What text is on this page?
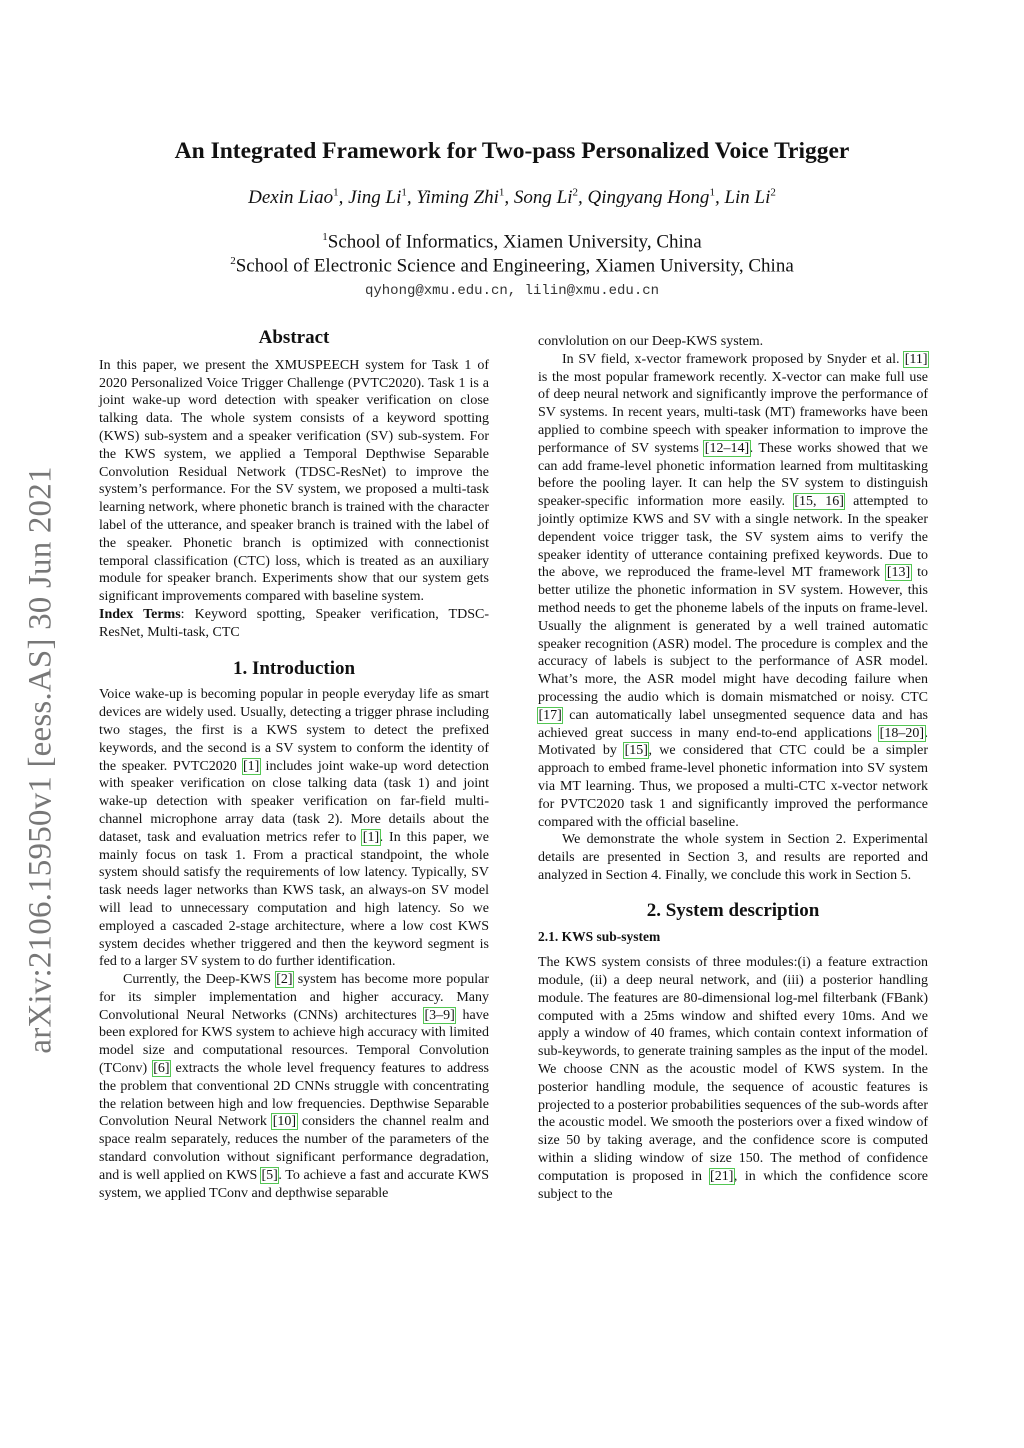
arXiv:2106.15950v1 [eess.AS] 30 Jun 2021
An Integrated Framework for Two-pass Personalized Voice Trigger
Dexin Liao$^1$, Jing Li$^1$, Yiming Zhi$^1$, Song Li$^2$, Qingyang Hong$^1$, Lin Li$^2$
$^1$School of Informatics, Xiamen University, China
$^2$School of Electronic Science and Engineering, Xiamen University, China
qyhong@xmu.edu.cn, lilin@xmu.edu.cn
Abstract

In this paper, we present the XMUSPEECH system for Task 1 of 2020 Personalized Voice Trigger Challenge (PVTC2020). Task 1 is a joint wake-up word detection with speaker verification on close talking data. The whole system consists of a keyword spotting (KWS) sub-system and a speaker verification (SV) sub-system. For the KWS system, we applied a Temporal Depthwise Separable Convolution Residual Network (TDSC-ResNet) to improve the system’s performance. For the SV system, we proposed a multi-task learning network, where phonetic branch is trained with the character label of the utterance, and speaker branch is trained with the label of the speaker. Phonetic branch is optimized with connectionist temporal classification (CTC) loss, which is treated as an auxiliary module for speaker branch. Experiments show that our system gets significant improvements compared with baseline system.

Index Terms: Keyword spotting, Speaker verification, TDSC-ResNet, Multi-task, CTC

1. Introduction

Voice wake-up is becoming popular in people everyday life as smart devices are widely used. Usually, detecting a trigger phrase including two stages, the first is a KWS system to detect the prefixed keywords, and the second is a SV system to conform the identity of the speaker. PVTC2020 [1] includes joint wake-up word detection with speaker verification on close talking data (task 1) and joint wake-up detection with speaker verification on far-field multi-channel microphone array data (task 2). More details about the dataset, task and evaluation metrics refer to [1]. In this paper, we mainly focus on task 1. From a practical standpoint, the whole system should satisfy the requirements of low latency. Typically, SV task needs lager networks than KWS task, an always-on SV model will lead to unnecessary computation and high latency. So we employed a cascaded 2-stage architecture, where a low cost KWS system decides whether triggered and then the keyword segment is fed to a larger SV system to do further identification.

Currently, the Deep-KWS [2] system has become more popular for its simpler implementation and higher accuracy. Many Convolutional Neural Networks (CNNs) architectures [3–9] have been explored for KWS system to achieve high accuracy with limited model size and computational resources. Temporal Convolution (TConv) [6] extracts the whole level frequency features to address the problem that conventional 2D CNNs struggle with concentrating the relation between high and low frequencies. Depthwise Separable Convolution Neural Network [10] considers the channel realm and space realm separately, reduces the number of the parameters of the standard convolution without significant performance degradation, and is well applied on KWS [5]. To achieve a fast and accurate KWS system, we applied TConv and depthwise separable

convlolution on our Deep-KWS system.

In SV field, x-vector framework proposed by Snyder et al. [11] is the most popular framework recently. X-vector can make full use of deep neural network and significantly improve the performance of SV systems. In recent years, multi-task (MT) frameworks have been applied to combine speech with speaker information to improve the performance of SV systems [12–14]. These works showed that we can add frame-level phonetic information learned from multitasking before the pooling layer. It can help the SV system to distinguish speaker-specific information more easily. [15, 16] attempted to jointly optimize KWS and SV with a single network. In the speaker dependent voice trigger task, the SV system aims to verify the speaker identity of utterance containing prefixed keywords. Due to the above, we reproduced the frame-level MT framework [13] to better utilize the phonetic information in SV system. However, this method needs to get the phoneme labels of the inputs on frame-level. Usually the alignment is generated by a well trained automatic speaker recognition (ASR) model. The procedure is complex and the accuracy of labels is subject to the performance of ASR model. What’s more, the ASR model might have decoding failure when processing the audio which is domain mismatched or noisy. CTC [17] can automatically label unsegmented sequence data and has achieved great success in many end-to-end applications [18–20]. Motivated by [15], we considered that CTC could be a simpler approach to embed frame-level phonetic information into SV system via MT learning. Thus, we proposed a multi-CTC x-vector network for PVTC2020 task 1 and significantly improved the performance compared with the official baseline.

We demonstrate the whole system in Section 2. Experimental details are presented in Section 3, and results are reported and analyzed in Section 4. Finally, we conclude this work in Section 5.

2. System description
2.1. KWS sub-system

The KWS system consists of three modules:(i) a feature extraction module, (ii) a deep neural network, and (iii) a posterior handling module. The features are 80-dimensional log-mel filterbank (FBank) computed with a 25ms window and shifted every 10ms. And we apply a window of 40 frames, which contain context information of sub-keywords, to generate training samples as the input of the model. We choose CNN as the acoustic model of KWS system. In the posterior handling module, the sequence of acoustic features is projected to a posterior probabilities sequences of the sub-words after the acoustic model. We smooth the posteriors over a fixed window of size 50 by taking average, and the confidence score is computed within a sliding window of size 150. The method of confidence computation is proposed in [21], in which the confidence score subject to the
